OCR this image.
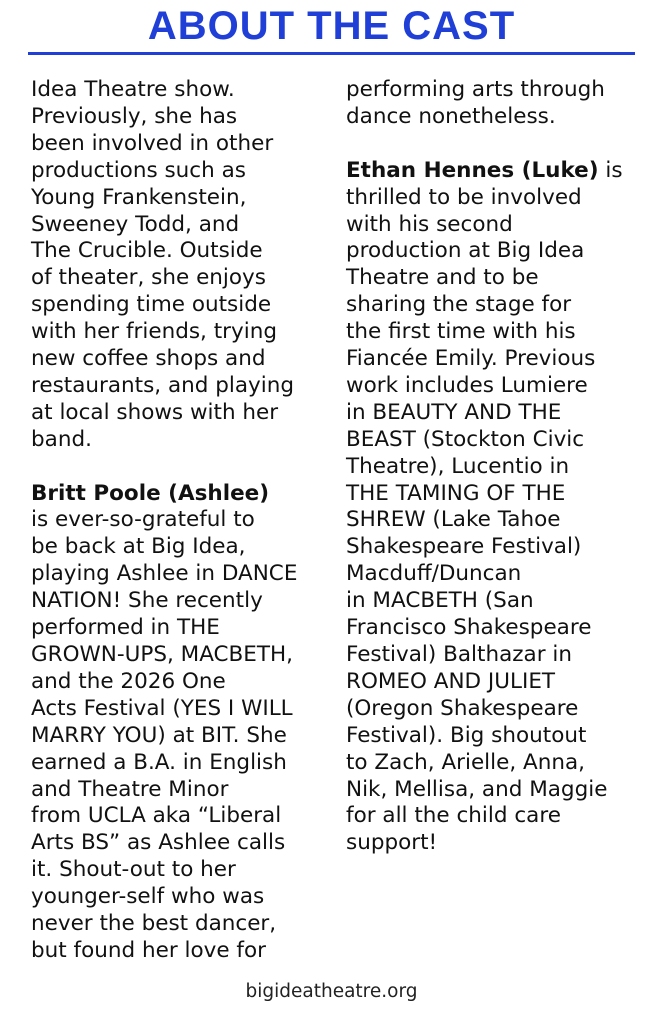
ABOUT THE CAST

Idea Theatre show.
Previously, she has
been involved in other
productions such as
Young Frankenstein,
Sweeney Todd, and
The Crucible. Outside
of theater, she enjoys
spending time outside
with her friends, trying
new coffee shops and
restaurants, and playing
at local shows with her
band.

Britt Poole (Ashlee)
is ever-so-grateful to
be back at Big Idea,
playing Ashlee in DANCE
NATION! She recently
performed in THE
GROWN-UPS, MACBETH,
and the 2026 One
Acts Festival (YES I WILL
MARRY YOU) at BIT. She
earned a B.A. in English
and Theatre Minor
from UCLA aka “Liberal
Arts BS” as Ashlee calls
it. Shout-out to her
younger-self who was
never the best dancer,
but found her love for

performing arts through
dance nonetheless.

Ethan Hennes (Luke) is
thrilled to be involved
with his second
production at Big Idea
Theatre and to be
sharing the stage for
the first time with his
Fiancée Emily. Previous
work includes Lumiere
in BEAUTY AND THE
BEAST (Stockton Civic
Theatre), Lucentio in
THE TAMING OF THE
SHREW (Lake Tahoe
Shakespeare Festival)
Macduff/Duncan
in MACBETH (San
Francisco Shakespeare
Festival) Balthazar in
ROMEO AND JULIET
(Oregon Shakespeare
Festival). Big shoutout
to Zach, Arielle, Anna,
Nik, Mellisa, and Maggie
for all the child care
support!

bigideatheatre.org
